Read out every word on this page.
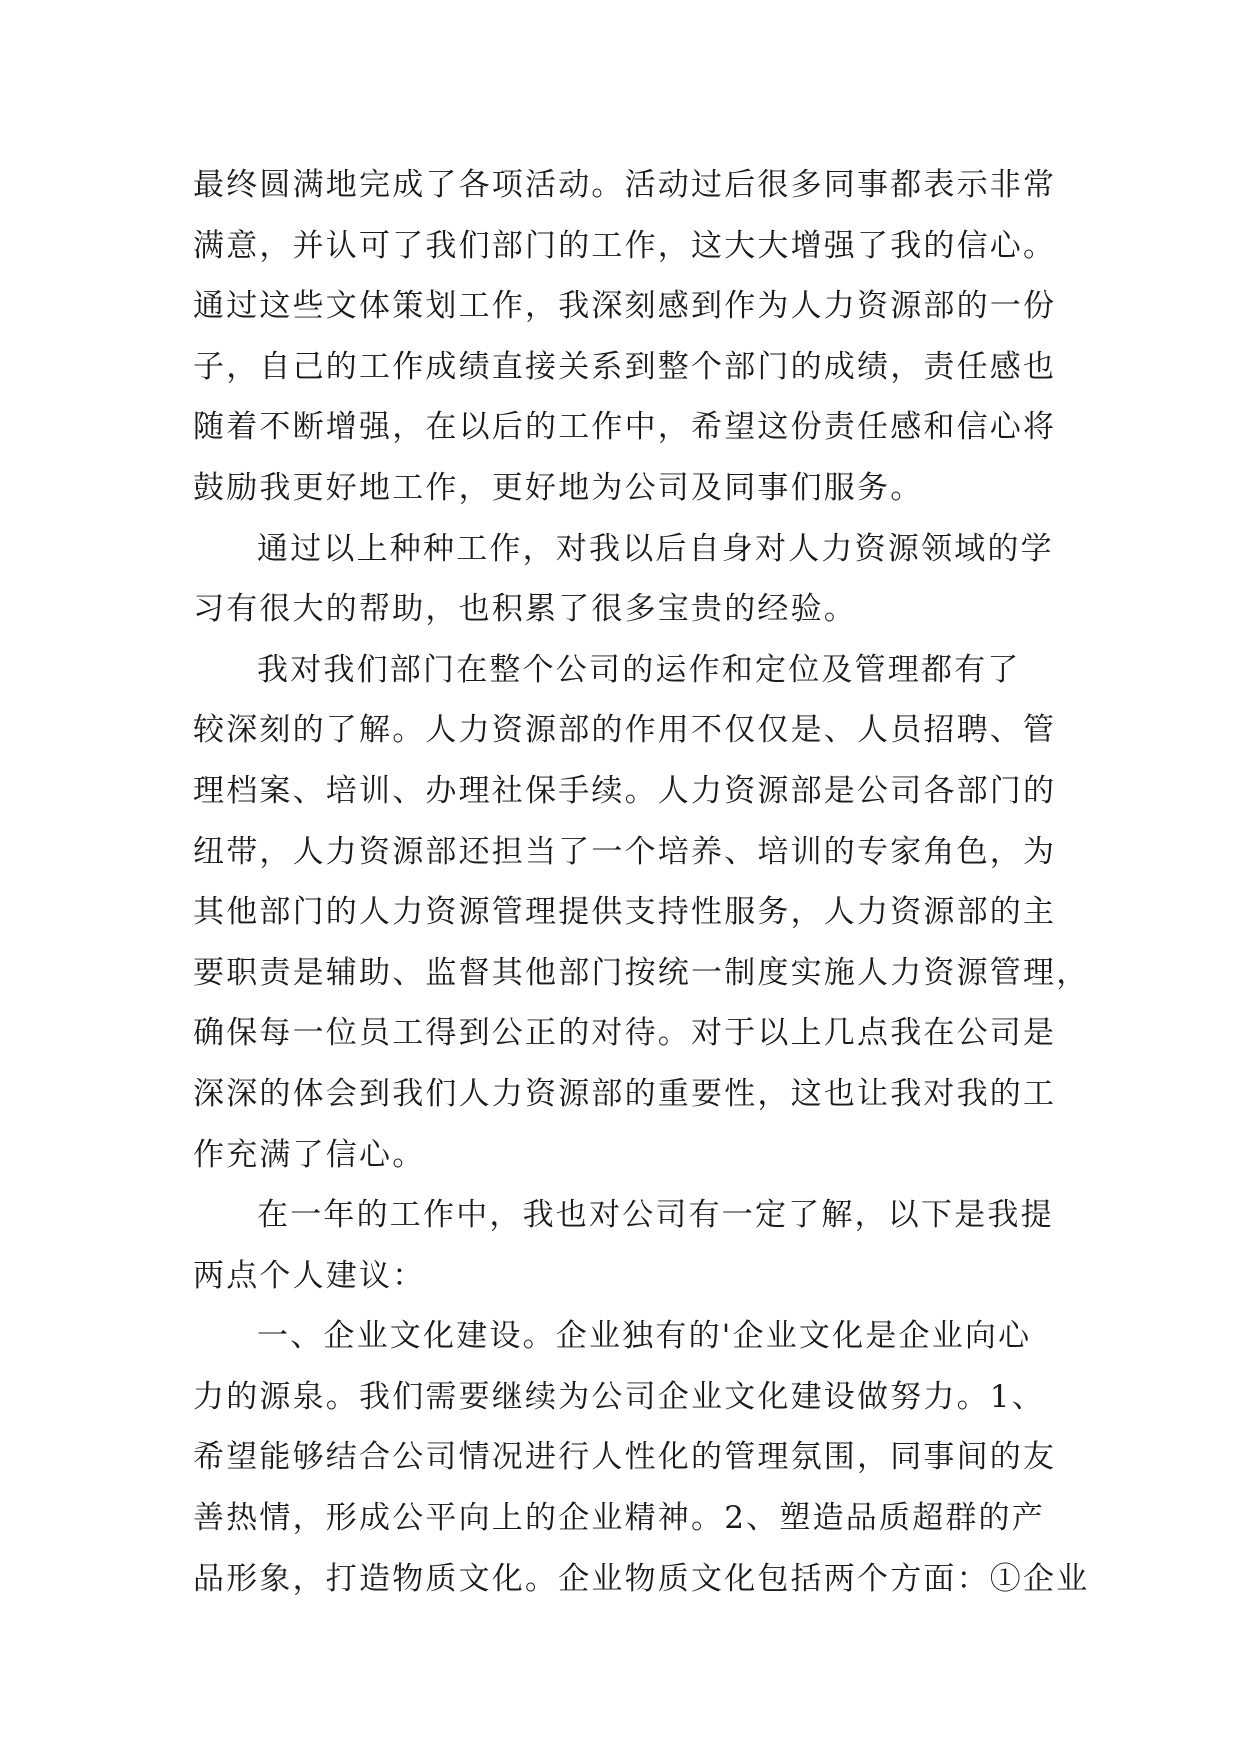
最终圆满地完成了各项活动。活动过后很多同事都表示非常
满意，并认可了我们部门的工作，这大大增强了我的信心。
通过这些文体策划工作，我深刻感到作为人力资源部的一份
子，自己的工作成绩直接关系到整个部门的成绩，责任感也
随着不断增强，在以后的工作中，希望这份责任感和信心将
鼓励我更好地工作，更好地为公司及同事们服务。
通过以上种种工作，对我以后自身对人力资源领域的学
习有很大的帮助，也积累了很多宝贵的经验。
我对我们部门在整个公司的运作和定位及管理都有了
较深刻的了解。人力资源部的作用不仅仅是、人员招聘、管
理档案、培训、办理社保手续。人力资源部是公司各部门的
纽带，人力资源部还担当了一个培养、培训的专家角色，为
其他部门的人力资源管理提供支持性服务，人力资源部的主
要职责是辅助、监督其他部门按统一制度实施人力资源管理，
确保每一位员工得到公正的对待。对于以上几点我在公司是
深深的体会到我们人力资源部的重要性，这也让我对我的工
作充满了信心。
在一年的工作中，我也对公司有一定了解，以下是我提
两点个人建议：
一、企业文化建设。企业独有的'企业文化是企业向心
力的源泉。我们需要继续为公司企业文化建设做努力。1、
希望能够结合公司情况进行人性化的管理氛围，同事间的友
善热情，形成公平向上的企业精神。2、塑造品质超群的产
品形象，打造物质文化。企业物质文化包括两个方面：①企业
